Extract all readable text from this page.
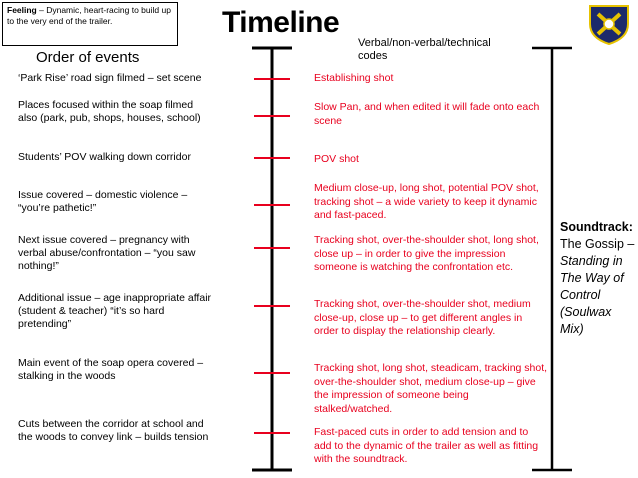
Feeling – Dynamic, heart-racing to build up to the very end of the trailer.	Timeline
Verbal/non-verbal/technical codes
Order of events
‘Park Rise’ road sign filmed – set scene
Places focused within the soap filmed also (park, pub, shops, houses, school)
Students’ POV walking down corridor
Issue covered – domestic violence – “you’re pathetic!”
Next issue covered – pregnancy with verbal abuse/confrontation – “you saw nothing!”
Additional issue – age inappropriate affair (student & teacher) “it’s so hard pretending”
Main event of the soap opera covered – stalking in the woods
Cuts between the corridor at school and the woods to convey link – builds tension
Establishing shot
Slow Pan, and when edited it will fade onto each scene
POV shot
Medium close-up, long shot, potential POV shot, tracking shot – a wide variety to keep it dynamic and fast-paced.
Tracking shot, over-the-shoulder shot, long shot, close up – in order to give the impression someone is watching the confrontation etc.
Tracking shot, over-the-shoulder shot, medium close-up, close up – to get different angles in order to display the relationship clearly.
Tracking shot, long shot, steadicam, tracking shot, over-the-shoulder shot, medium close-up – give the impression of someone being stalked/watched.
Fast-paced cuts in order to add tension and to add to the dynamic of the trailer as well as fitting with the soundtrack.
Soundtrack:
The Gossip – Standing in The Way of Control (Soulwax Mix)
